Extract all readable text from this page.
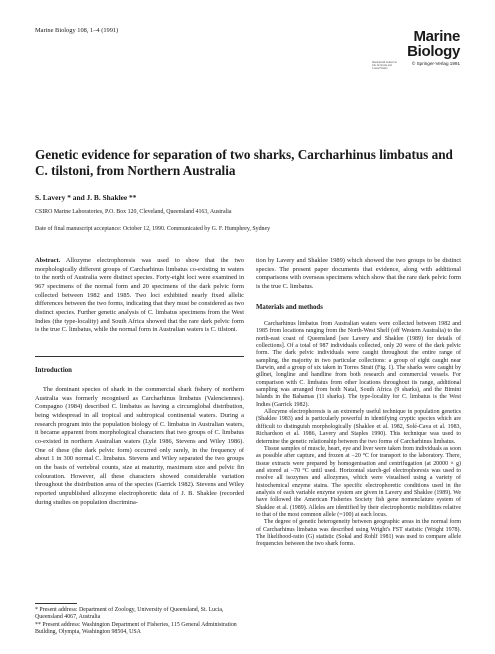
Marine Biology 108, 1–4 (1991)	Marine Biology
International Journal on Life in Oceans and Coastal Waters
© Springer-Verlag 1991
Genetic evidence for separation of two sharks, Carcharhinus limbatus and C. tilstoni, from Northern Australia
S. Lavery * and J. B. Shaklee **
CSIRO Marine Laboratories, P.O. Box 120, Cleveland, Queensland 4163, Australia
Date of final manuscript acceptance: October 12, 1990. Communicated by G. F. Humphrey, Sydney

Abstract. Allozyme electrophoresis was used to show that the two morphologically different groups of Carcharhinus limbatus co-existing in waters to the north of Australia were distinct species. Forty-eight loci were examined in 967 specimens of the normal form and 20 specimens of the dark pelvic form collected between 1982 and 1985. Two loci exhibited nearly fixed allelic differences between the two forms, indicating that they must be considered as two distinct species. Further genetic analysis of C. limbatus specimens from the West Indies (the type-locality) and South Africa showed that the rare dark pelvic form is the true C. limbatus, while the normal form in Australian waters is C. tilstoni.

Introduction

The dominant species of shark in the commercial shark fishery of northern Australia was formerly recognised as Carcharhinus limbatus (Valenciennes). Compagno (1984) described C. limbatus as having a circumglobal distribution, being widespread in all tropical and subtropical continental waters. During a research program into the population biology of C. limbatus in Australian waters, it became apparent from morphological characters that two groups of C. limbatus co-existed in northern Australian waters (Lyle 1986, Stevens and Wiley 1986). One of these (the dark pelvic form) occurred only rarely, in the frequency of about 1 in 300 normal C. limbatus. Stevens and Wiley separated the two groups on the basis of vertebral counts, size at maturity, maximum size and pelvic fin colouration. However, all these characters showed considerable variation throughout the distribution area of the species (Garrick 1982). Stevens and Wiley reported unpublished allozyme electrophoretic data of J. B. Shaklee (recorded during studies on population discrimina-

* Present address: Department of Zoology, University of Queensland, St. Lucia, Queensland 4067, Australia

** Present address: Washington Department of Fisheries, 115 General Administration Building, Olympia, Washington 98504, USA

tion by Lavery and Shaklee 1989) which showed the two groups to be distinct species. The present paper documents that evidence, along with additional comparisons with overseas specimens which show that the rare dark pelvic form is the true C. limbatus.

Materials and methods

Carcharhinus limbatus from Australian waters were collected between 1982 and 1985 from locations ranging from the North-West Shelf (off Western Australia) to the north-east coast of Queensland [see Lavery and Shaklee (1989) for details of collections]. Of a total of 987 individuals collected, only 20 were of the dark pelvic form. The dark pelvic individuals were caught throughout the entire range of sampling, the majority in two particular collections: a group of eight caught near Darwin, and a group of six taken in Torres Strait (Fig. 1). The sharks were caught by gillnet, longline and handline from both research and commercial vessels. For comparison with C. limbatus from other locations throughout its range, additional sampling was arranged from both Natal, South Africa (9 sharks), and the Bimini Islands in the Bahamas (11 sharks). The type-locality for C. limbatus is the West Indies (Garrick 1982).

Allozyme electrophoresis is an extremely useful technique in population genetics (Shaklee 1983) and is particularly powerful in identifying cryptic species which are difficult to distinguish morphologically (Shaklee et al. 1982, Solé-Cava et al. 1983, Richardson et al. 1986, Lavery and Staples 1990). This technique was used to determine the genetic relationship between the two forms of Carcharhinus limbatus.

Tissue samples of muscle, heart, eye and liver were taken from individuals as soon as possible after capture, and frozen at −20 °C for transport to the laboratory. There, tissue extracts were prepared by homogenisation and centrifugation (at 20000 × g) and stored at −70 °C until used. Horizontal starch-gel electrophoresis was used to resolve all isozymes and allozymes, which were visualised using a variety of histochemical enzyme stains. The specific electrophoretic conditions used in the analysis of each variable enzyme system are given in Lavery and Shaklee (1989). We have followed the American Fisheries Society fish gene nomenclature system of Shaklee et al. (1989). Alleles are identified by their electrophoretic mobilities relative to that of the most common allele (=100) at each locus.

The degree of genetic heterogeneity between geographic areas in the normal form of Carcharhinus limbatus was described using Wright's FST statistic (Wright 1978). The likelihood-ratio (G) statistic (Sokal and Rohlf 1981) was used to compare allele frequencies between the two shark forms.
